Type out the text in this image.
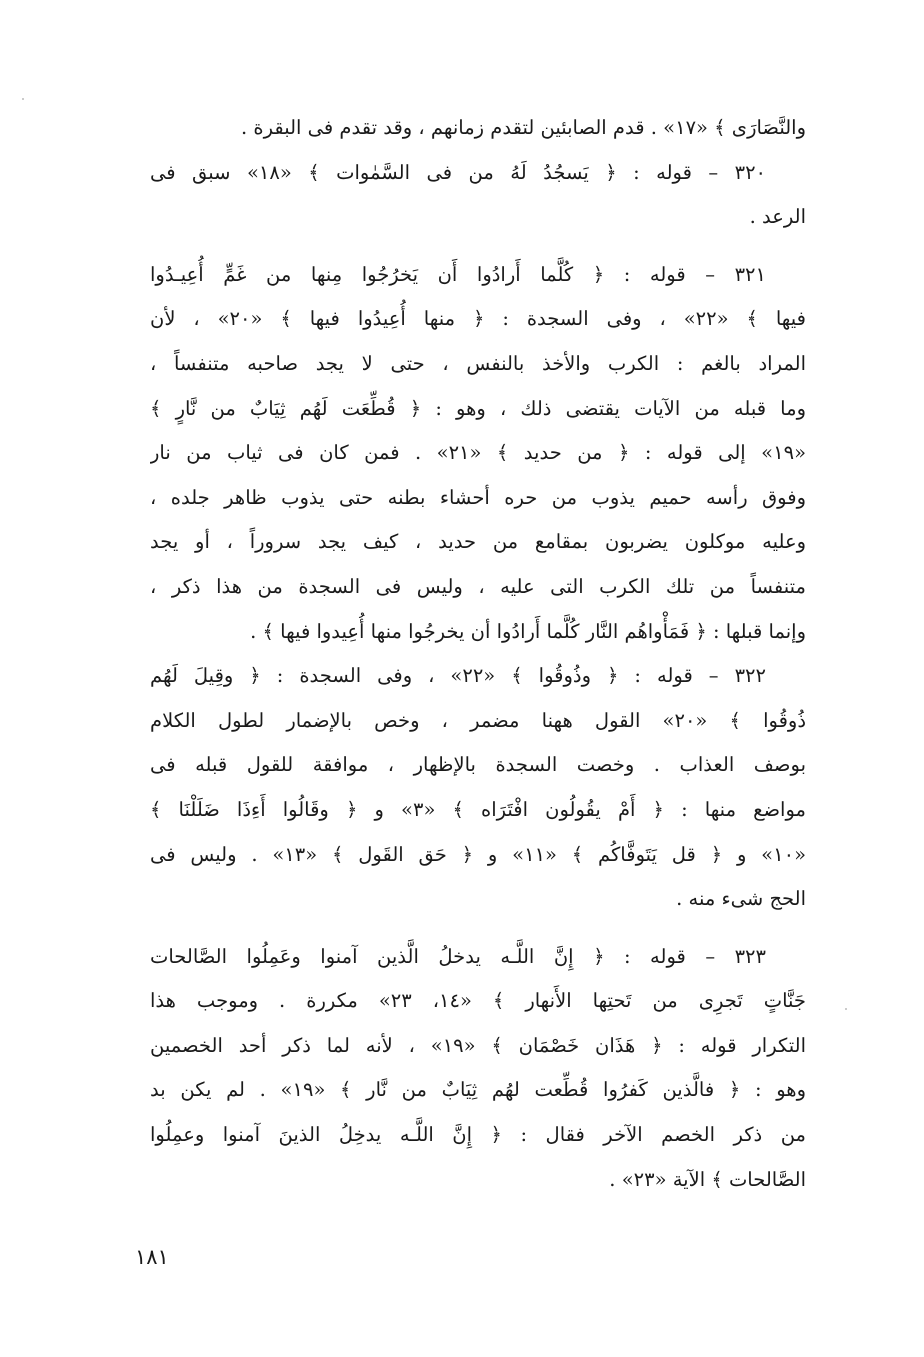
والنَّصَارَى ﴾ «١٧» . قدم الصابئين لتقدم زمانهم ، وقد تقدم فى البقرة .
٣٢٠ – قوله : ﴿ يَسجُدُ لَهُ من فى السَّمٰوات ﴾ «١٨» سبق فى
الرعد .
٣٢١ – قوله : ﴿ كُلَّما أَرادُوا أَن يَخرُجُوا مِنها من غَمٍّ أُعِيـدُوا
فيها ﴾ «٢٢» ، وفى السجدة : ﴿ منها أُعِيدُوا فيها ﴾ «٢٠» ، لأن
المراد بالغم : الكرب والأخذ بالنفس ، حتى لا يجد صاحبه متنفساً ،
وما قبله من الآيات يقتضى ذلك ، وهو : ﴿ قُطِّعَت لَهُم ثِيَابٌ من نَّارٍ ﴾
«١٩» إلى قوله : ﴿ من حديد ﴾ «٢١» . فمن كان فى ثياب من نار
وفوق رأسه حميم يذوب من حره أحشاء بطنه حتى يذوب ظاهر جلده ،
وعليه موكلون يضربون بمقامع من حديد ، كيف يجد سروراً ، أو يجد
متنفساً من تلك الكرب التى عليه ، وليس فى السجدة من هذا ذكر ،
وإنما قبلها : ﴿ فَمَأْواهُم النَّار كُلَّما أَرادُوا أن يخرجُوا منها أُعِيدوا فيها ﴾ .
٣٢٢ – قوله : ﴿ وذُوقُوا ﴾ «٢٢» ، وفى السجدة : ﴿ وقِيلَ لَهُم
ذُوقُوا ﴾ «٢٠» القول ههنا مضمر ، وخص بالإضمار لطول الكلام
بوصف العذاب . وخصت السجدة بالإظهار ، موافقة للقول قبله فى
مواضع منها : ﴿ أَمْ يقُولُون افْتَرَاه ﴾ «٣» و ﴿ وقَالُوا أَءِذَا ضَلَلْنَا ﴾
«١٠» و ﴿ قل يَتَوفَّاكُم ﴾ «١١» و ﴿ حَق القَول ﴾ «١٣» . وليس فى
الحج شىء منه .
٣٢٣ – قوله : ﴿ إِنَّ اللَّـه يدخلُ الَّذين آمنوا وعَمِلُوا الصَّالحات
جَنَّاتٍ تَجرِى من تَحتِها الأَنهار ﴾ «١٤، ٢٣» مكررة . وموجب هذا
التكرار قوله : ﴿ هَذَان خَصْمَان ﴾ «١٩» ، لأنه لما ذكر أحد الخصمين
وهو : ﴿ فالَّذين كَفرُوا قُطِّعت لهُم ثِيَابٌ من نَّار ﴾ «١٩» . لم يكن بد
من ذكر الخصم الآخر فقال : ﴿ إِنَّ اللَّـه يدخِلُ الذينَ آمنوا وعمِلُوا
الصَّالحات ﴾ الآية «٢٣» .
١٨١
